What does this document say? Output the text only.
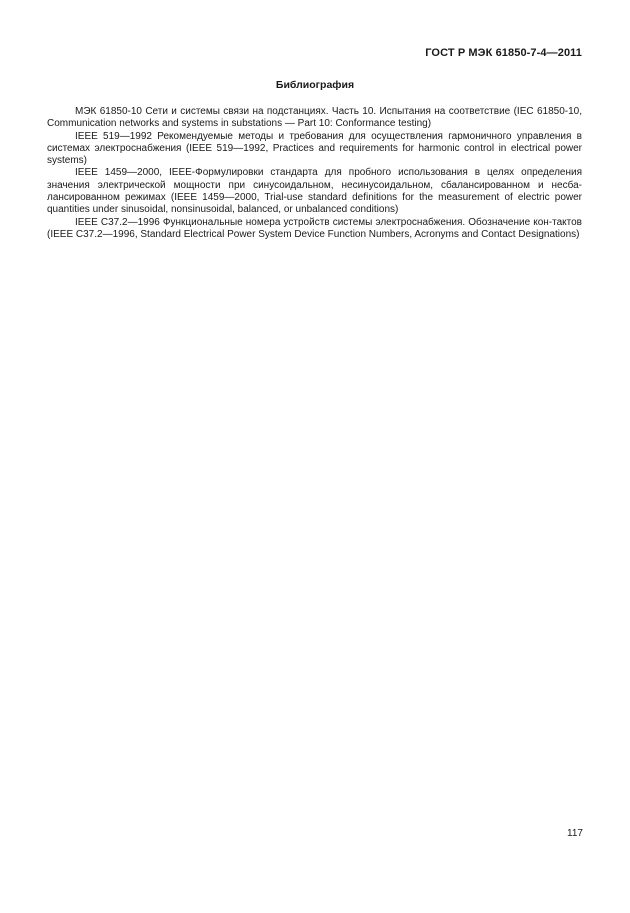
ГОСТ Р МЭК 61850-7-4—2011
Библиография

МЭК 61850-10 Сети и системы связи на подстанциях. Часть 10. Испытания на соответствие (IEC 61850-10, Communication networks and systems in substations — Part 10: Conformance testing)

IEEE 519—1992 Рекомендуемые методы и требования для осуществления гармоничного управления в системах электроснабжения (IEEE 519—1992, Practices and requirements for harmonic control in electrical power systems)

IEEE 1459—2000, IEEE-Формулировки стандарта для пробного использования в целях определения значения электрической мощности при синусоидальном, несинусоидальном, сбалансированном и несба-лансированном режимах (IEEE 1459—2000, Trial-use standard definitions for the measurement of electric power quantities under sinusoidal, nonsinusoidal, balanced, or unbalanced conditions)

IEEE C37.2—1996 Функциональные номера устройств системы электроснабжения. Обозначение кон-тактов (IEEE C37.2—1996, Standard Electrical Power System Device Function Numbers, Acronyms and Contact Designations)

117
